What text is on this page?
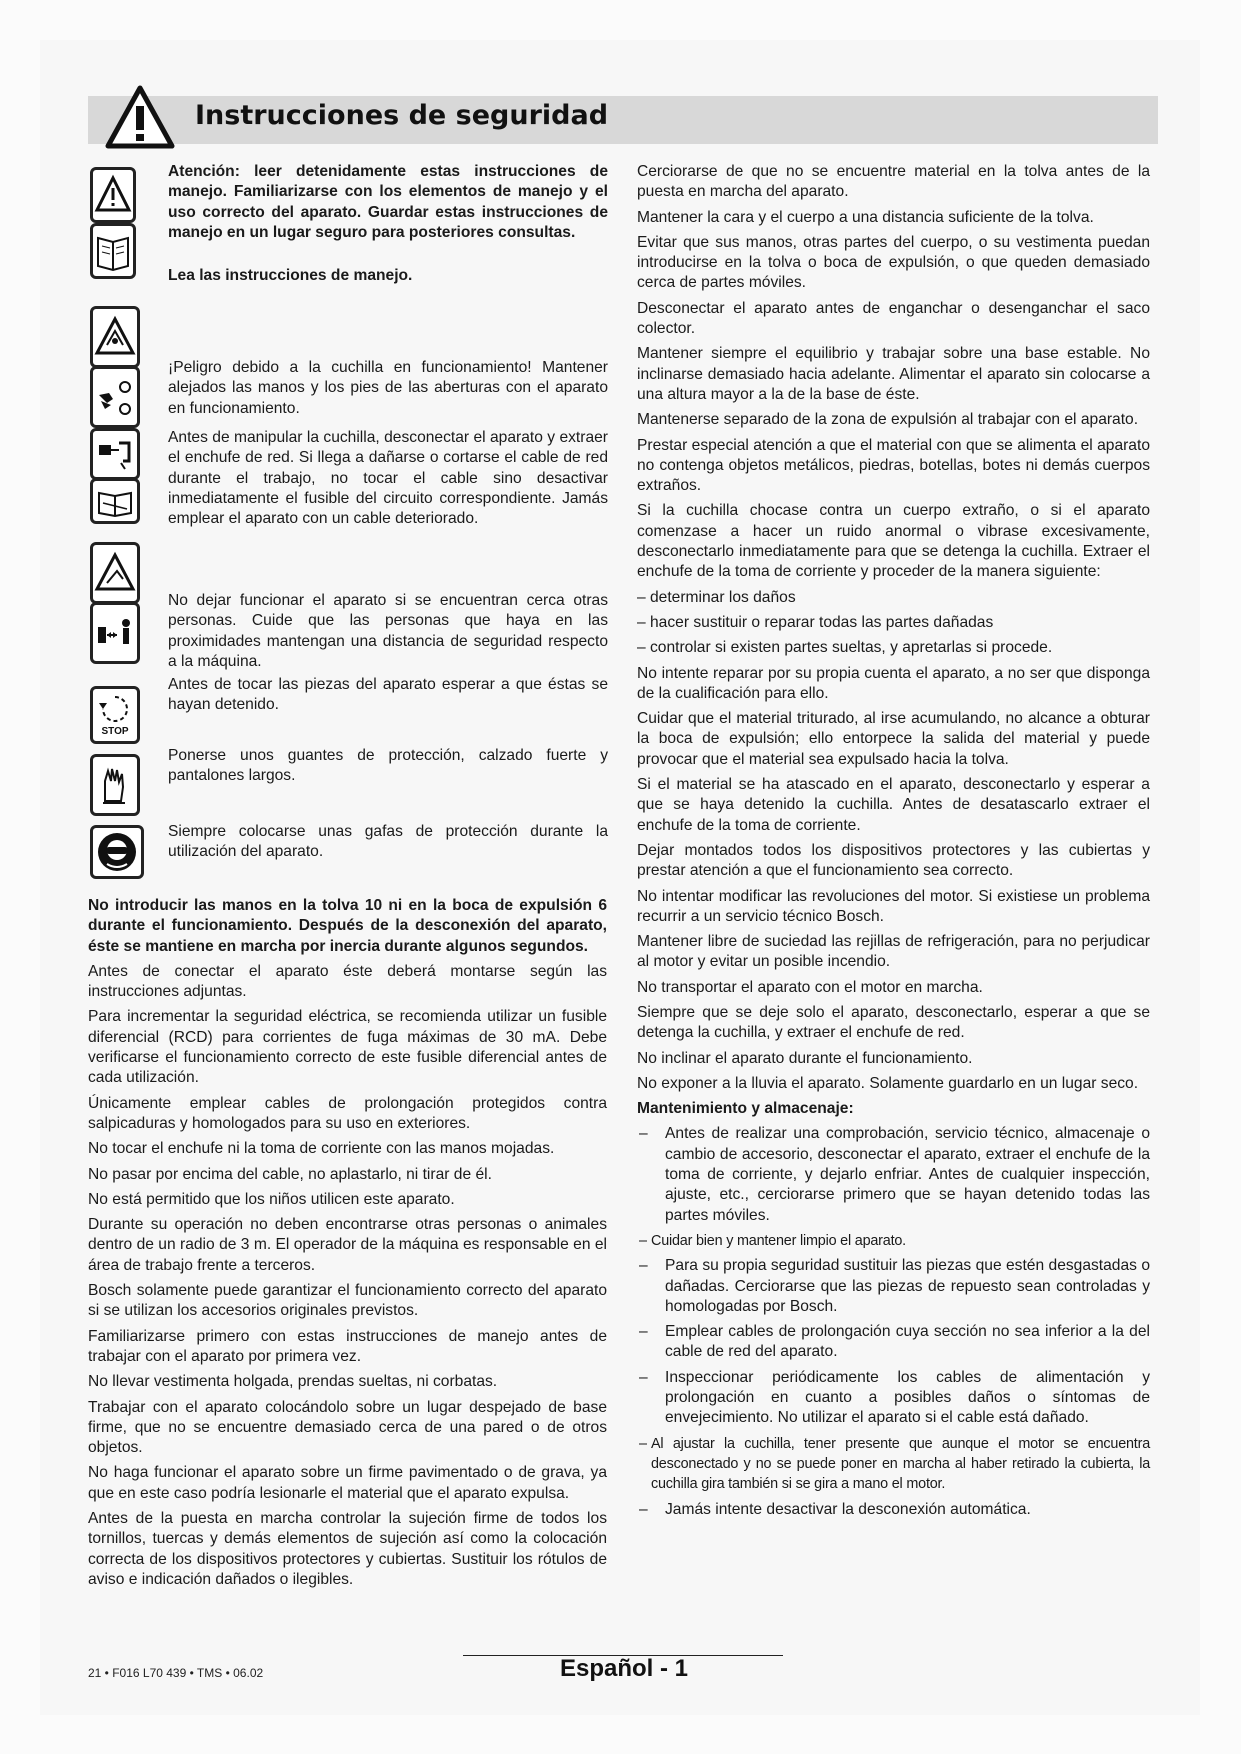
Instrucciones de seguridad
STOP

Atención: leer detenidamente estas instrucciones de manejo. Familiarizarse con los elementos de manejo y el uso correcto del aparato. Guardar estas instrucciones de manejo en un lugar seguro para posteriores consultas.

Lea las instrucciones de manejo.

¡Peligro debido a la cuchilla en funcionamiento! Mantener alejados las manos y los pies de las aberturas con el aparato en funcionamiento.

Antes de manipular la cuchilla, desconectar el aparato y extraer el enchufe de red. Si llega a dañarse o cortarse el cable de red durante el trabajo, no tocar el cable sino desactivar inmediatamente el fusible del circuito correspondiente. Jamás emplear el aparato con un cable deteriorado.

No dejar funcionar el aparato si se encuentran cerca otras personas. Cuide que las personas que haya en las proximidades mantengan una distancia de seguridad respecto a la máquina.

Antes de tocar las piezas del aparato esperar a que éstas se hayan detenido.

Ponerse unos guantes de protección, calzado fuerte y pantalones largos.

Siempre colocarse unas gafas de protección durante la utilización del aparato.

No introducir las manos en la tolva 10 ni en la boca de expulsión 6 durante el funcionamiento. Después de la desconexión del aparato, éste se mantiene en marcha por inercia durante algunos segundos.

Antes de conectar el aparato éste deberá montarse según las instrucciones adjuntas.

Para incrementar la seguridad eléctrica, se recomienda utilizar un fusible diferencial (RCD) para corrientes de fuga máximas de 30 mA. Debe verificarse el funcionamiento correcto de este fusible diferencial antes de cada utilización.

Únicamente emplear cables de prolongación protegidos contra salpicaduras y homologados para su uso en exteriores.

No tocar el enchufe ni la toma de corriente con las manos mojadas.

No pasar por encima del cable, no aplastarlo, ni tirar de él.

No está permitido que los niños utilicen este aparato.

Durante su operación no deben encontrarse otras personas o animales dentro de un radio de 3 m. El operador de la máquina es responsable en el área de trabajo frente a terceros.

Bosch solamente puede garantizar el funcionamiento correcto del aparato si se utilizan los accesorios originales previstos.

Familiarizarse primero con estas instrucciones de manejo antes de trabajar con el aparato por primera vez.

No llevar vestimenta holgada, prendas sueltas, ni corbatas.

Trabajar con el aparato colocándolo sobre un lugar despejado de base firme, que no se encuentre demasiado cerca de una pared o de otros objetos.

No haga funcionar el aparato sobre un firme pavimentado o de grava, ya que en este caso podría lesionarle el material que el aparato expulsa.

Antes de la puesta en marcha controlar la sujeción firme de todos los tornillos, tuercas y demás elementos de sujeción así como la colocación correcta de los dispositivos protectores y cubiertas. Sustituir los rótulos de aviso e indicación dañados o ilegibles.

Cerciorarse de que no se encuentre material en la tolva antes de la puesta en marcha del aparato.

Mantener la cara y el cuerpo a una distancia suficiente de la tolva.

Evitar que sus manos, otras partes del cuerpo, o su vestimenta puedan introducirse en la tolva o boca de expulsión, o que queden demasiado cerca de partes móviles.

Desconectar el aparato antes de enganchar o desenganchar el saco colector.

Mantener siempre el equilibrio y trabajar sobre una base estable. No inclinarse demasiado hacia adelante. Alimentar el aparato sin colocarse a una altura mayor a la de la base de éste.

Mantenerse separado de la zona de expulsión al trabajar con el aparato.

Prestar especial atención a que el material con que se alimenta el aparato no contenga objetos metálicos, piedras, botellas, botes ni demás cuerpos extraños.

Si la cuchilla chocase contra un cuerpo extraño, o si el aparato comenzase a hacer un ruido anormal o vibrase excesivamente, desconectarlo inmediatamente para que se detenga la cuchilla. Extraer el enchufe de la toma de corriente y proceder de la manera siguiente:

– determinar los daños

– hacer sustituir o reparar todas las partes dañadas

– controlar si existen partes sueltas, y apretarlas si procede.

No intente reparar por su propia cuenta el aparato, a no ser que disponga de la cualificación para ello.

Cuidar que el material triturado, al irse acumulando, no alcance a obturar la boca de expulsión; ello entorpece la salida del material y puede provocar que el material sea expulsado hacia la tolva.

Si el material se ha atascado en el aparato, desconectarlo y esperar a que se haya detenido la cuchilla. Antes de desatascarlo extraer el enchufe de la toma de corriente.

Dejar montados todos los dispositivos protectores y las cubiertas y prestar atención a que el funcionamiento sea correcto.

No intentar modificar las revoluciones del motor. Si existiese un problema recurrir a un servicio técnico Bosch.

Mantener libre de suciedad las rejillas de refrigeración, para no perjudicar al motor y evitar un posible incendio.

No transportar el aparato con el motor en marcha.

Siempre que se deje solo el aparato, desconectarlo, esperar a que se detenga la cuchilla, y extraer el enchufe de red.

No inclinar el aparato durante el funcionamiento.

No exponer a la lluvia el aparato. Solamente guardarlo en un lugar seco.

Mantenimiento y almacenaje:

– Antes de realizar una comprobación, servicio técnico, almacenaje o cambio de accesorio, desconectar el aparato, extraer el enchufe de la toma de corriente, y dejarlo enfriar. Antes de cualquier inspección, ajuste, etc., cerciorarse primero que se hayan detenido todas las partes móviles.
– Cuidar bien y mantener limpio el aparato.
– Para su propia seguridad sustituir las piezas que estén desgastadas o dañadas. Cerciorarse que las piezas de repuesto sean controladas y homologadas por Bosch.
– Emplear cables de prolongación cuya sección no sea inferior a la del cable de red del aparato.
– Inspeccionar periódicamente los cables de alimentación y prolongación en cuanto a posibles daños o síntomas de envejecimiento. No utilizar el aparato si el cable está dañado.
– Al ajustar la cuchilla, tener presente que aunque el motor se encuentra desconectado y no se puede poner en marcha al haber retirado la cubierta, la cuchilla gira también si se gira a mano el motor.
– Jamás intente desactivar la desconexión automática.
21 • F016 L70 439 • TMS • 06.02	Español - 1
